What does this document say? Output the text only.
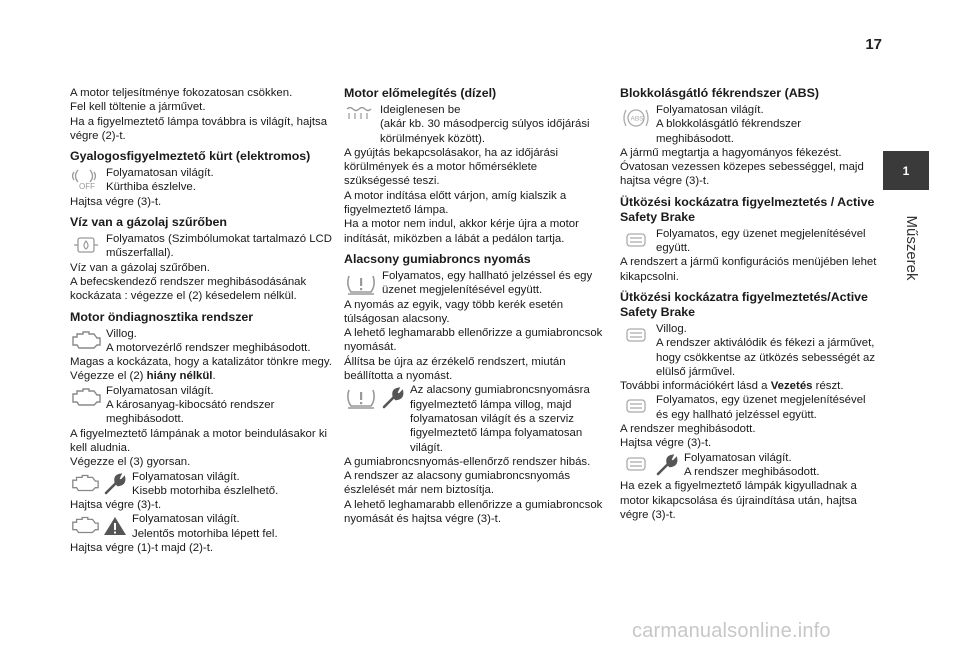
17
1
Műszerek

A motor teljesítménye fokozatosan csökken.

Fel kell töltenie a járművet.

Ha a figyelmeztető lámpa továbbra is világít, hajtsa végre (2)-t.

Gyalogosfigyelmeztető kürt (elektromos)
OFF
Folyamatosan világít.
Kürthiba észlelve.

Hajtsa végre (3)-t.

Víz van a gázolaj szűrőben
Folyamatos (Szimbólumokat tartalmazó LCD műszerfallal).

Víz van a gázolaj szűrőben.

A befecskendező rendszer meghibásodásának kockázata : végezze el (2) késedelem nélkül.

Motor öndiagnosztika rendszer
Villog.
A motorvezérlő rendszer meghibásodott.

Magas a kockázata, hogy a katalizátor tönkre megy.

Végezze el (2) hiány nélkül.

Folyamatosan világít.
A károsanyag-kibocsátó rendszer meghibásodott.

A figyelmeztető lámpának a motor beindulásakor ki kell aludnia.

Végezze el (3) gyorsan.

Folyamatosan világít.
Kisebb motorhiba észlelhető.

Hajtsa végre (3)-t.

Folyamatosan világít.
Jelentős motorhiba lépett fel.

Hajtsa végre (1)-t majd (2)-t.

Motor előmelegítés (dízel)
Ideiglenesen be
(akár kb. 30 másodpercig súlyos időjárási körülmények között).

A gyújtás bekapcsolásakor, ha az időjárási körülmények és a motor hőmérséklete szükségessé teszi.

A motor indítása előtt várjon, amíg kialszik a figyelmeztető lámpa.

Ha a motor nem indul, akkor kérje újra a motor indítását, miközben a lábát a pedálon tartja.

Alacsony gumiabroncs nyomás
Folyamatos, egy hallható jelzéssel és egy üzenet megjelenítésével együtt.

A nyomás az egyik, vagy több kerék esetén túlságosan alacsony.

A lehető leghamarabb ellenőrizze a gumiabroncsok nyomását.

Állítsa be újra az érzékelő rendszert, miután beállította a nyomást.

Az alacsony gumiabroncsnyomásra figyelmeztető lámpa villog, majd folyamatosan világít és a szerviz figyelmeztető lámpa folyamatosan világít.

A gumiabroncsnyomás-ellenőrző rendszer hibás.

A rendszer az alacsony gumiabroncsnyomás észlelését már nem biztosítja.

A lehető leghamarabb ellenőrizze a gumiabroncsok nyomását és hajtsa végre (3)-t.

Blokkolásgátló fékrendszer (ABS)
ABS
Folyamatosan világít.
A blokkolásgátló fékrendszer meghibásodott.

A jármű megtartja a hagyományos fékezést.

Óvatosan vezessen közepes sebességgel, majd hajtsa végre (3)-t.

Ütközési kockázatra figyelmeztetés / Active Safety Brake
Folyamatos, egy üzenet megjelenítésével együtt.

A rendszert a jármű konfigurációs menüjében lehet kikapcsolni.

Ütközési kockázatra figyelmeztetés/Active Safety Brake
Villog.
A rendszer aktiválódik és fékezi a járművet, hogy csökkentse az ütközés sebességét az elülső járművel.

További információkért lásd a Vezetés részt.

Folyamatos, egy üzenet megjelenítésével és egy hallható jelzéssel együtt.

A rendszer meghibásodott.

Hajtsa végre (3)-t.

Folyamatosan világít.
A rendszer meghibásodott.

Ha ezek a figyelmeztető lámpák kigyulladnak a motor kikapcsolása és újraindítása után, hajtsa végre (3)-t.

carmanualsonline.info
